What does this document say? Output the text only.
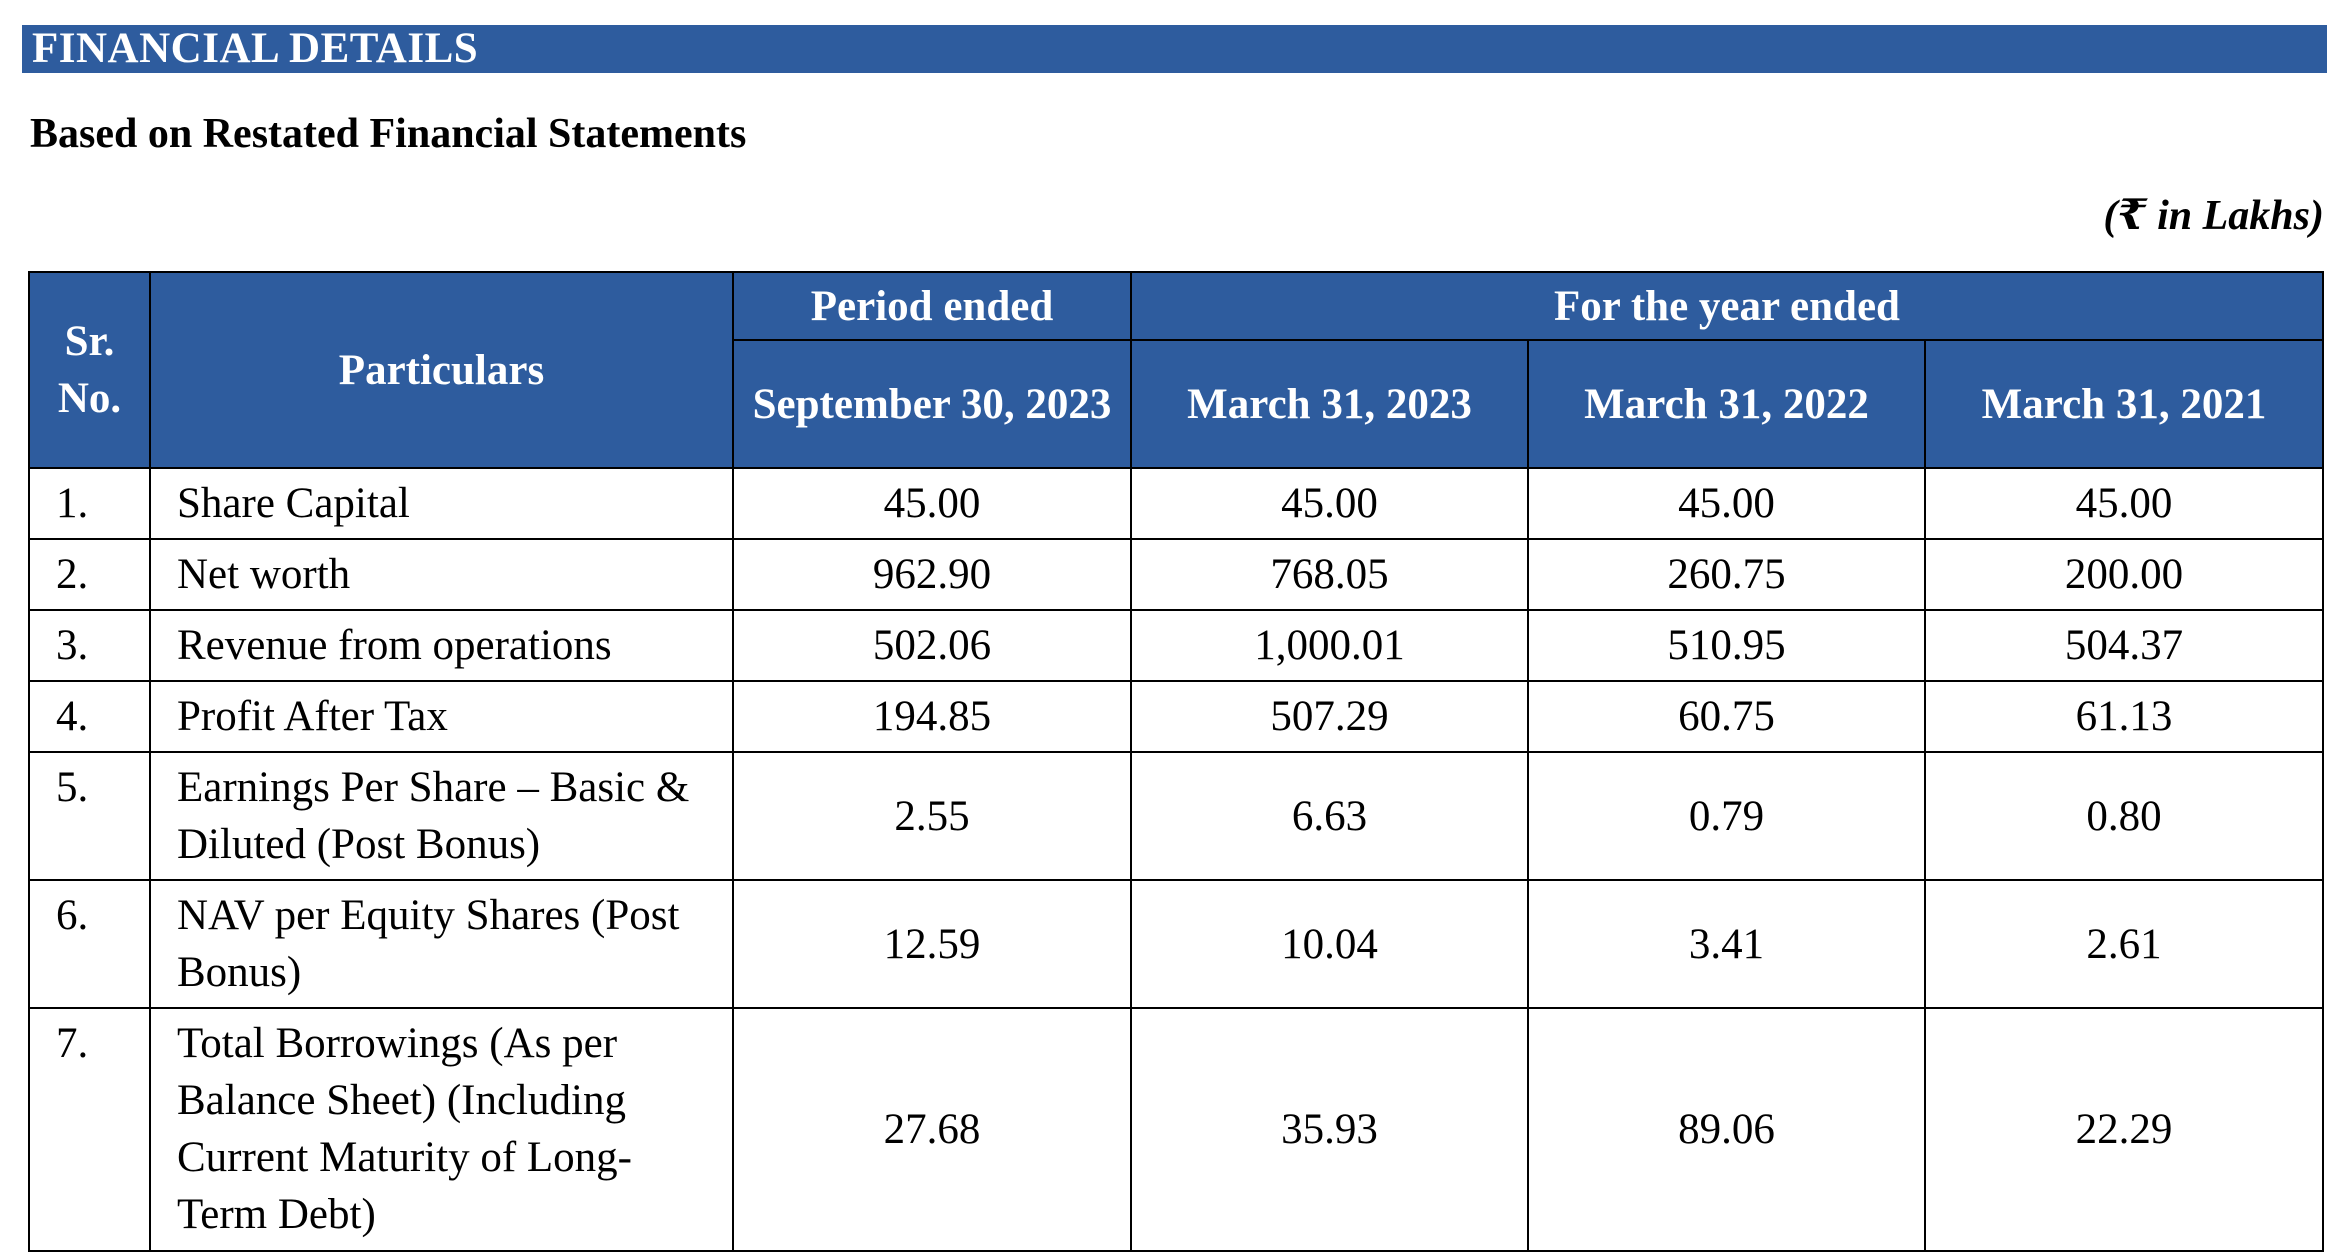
FINANCIAL DETAILS
Based on Restated Financial Statements
(₹ in Lakhs)
Sr. No.	Particulars	Period ended	For the year ended		
		September 30, 2023	March 31, 2023	March 31, 2022	March 31, 2021
1.	Share Capital	45.00	45.00	45.00	45.00
2.	Net worth	962.90	768.05	260.75	200.00
3.	Revenue from operations	502.06	1,000.01	510.95	504.37
4.	Profit After Tax	194.85	507.29	60.75	61.13
5.	Earnings Per Share – Basic & Diluted (Post Bonus)	2.55	6.63	0.79	0.80
6.	NAV per Equity Shares (Post Bonus)	12.59	10.04	3.41	2.61
7.	Total Borrowings (As per Balance Sheet) (Including Current Maturity of Long-Term Debt)	27.68	35.93	89.06	22.29
